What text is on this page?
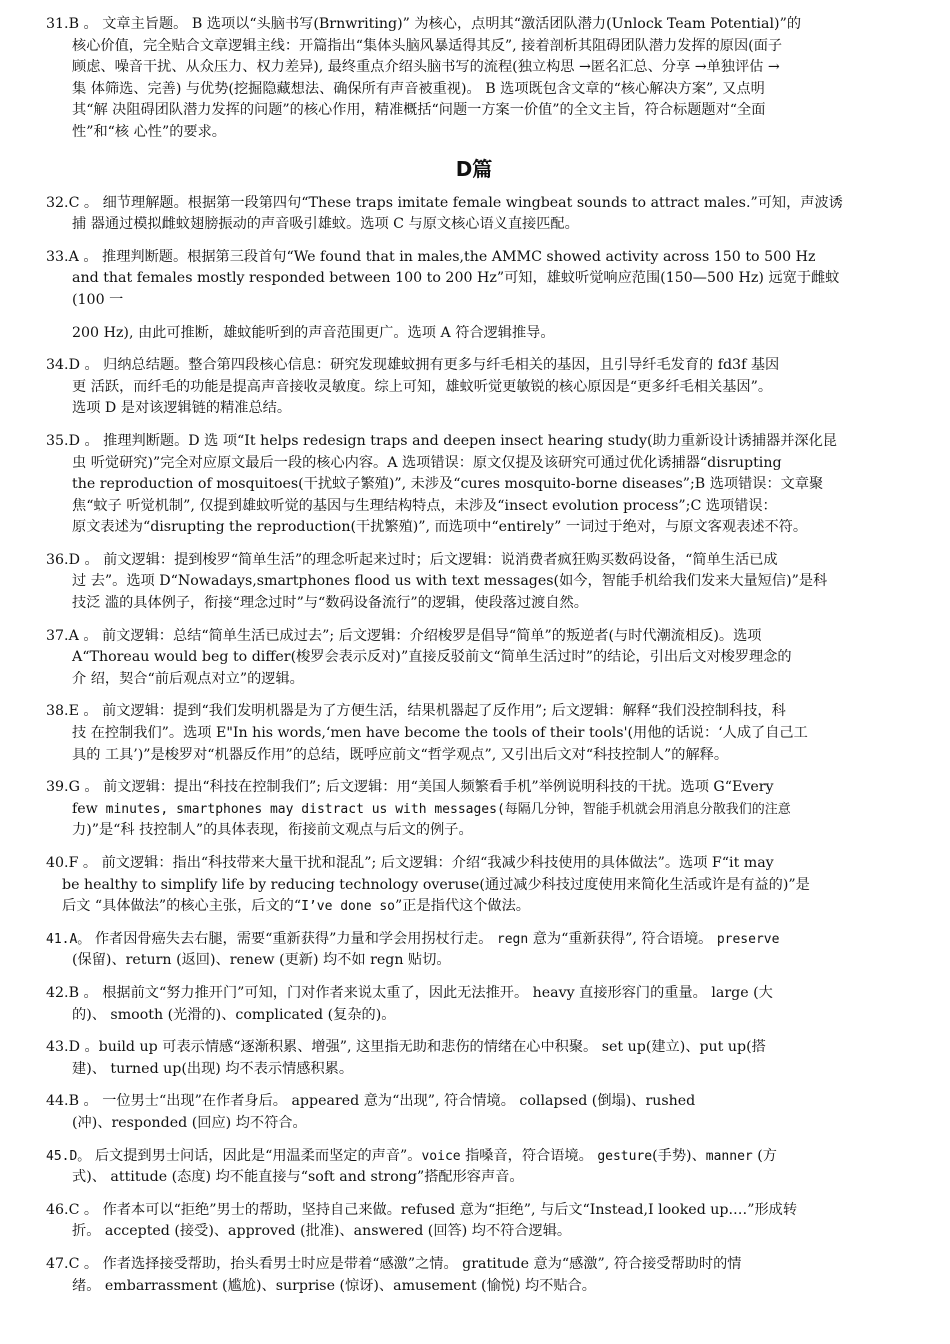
31.B 。 文章主旨题。 B 选项以“头脑书写(Brnwriting)” 为核心，点明其“激活团队潜力(Unlock Team Potential)”的

核心价值，完全贴合文章逻辑主线：开篇指出“集体头脑风暴适得其反”, 接着剖析其阻碍团队潜力发挥的原因(面子

顾虑、噪音干扰、从众压力、权力差异), 最终重点介绍头脑书写的流程(独立构思 →匿名汇总、分享 →单独评估 →

集 体筛选、完善) 与优势(挖掘隐藏想法、确保所有声音被重视)。 B 选项既包含文章的“核心解决方案”, 又点明

其“解 决阻碍团队潜力发挥的问题”的核心作用，精准概括“问题一方案一价值”的全文主旨，符合标题题对“全面

性”和“核 心性”的要求。

D篇

32.C 。 细节理解题。根据第一段第四句“These traps imitate female wingbeat sounds to attract males.”可知，声波诱

捕 器通过模拟雌蚊翅膀振动的声音吸引雄蚊。选项 C 与原文核心语义直接匹配。

33.A 。 推理判断题。根据第三段首句“We found that in males,the AMMC showed activity across 150 to 500 Hz

and that females mostly responded between 100 to 200 Hz”可知，雄蚊听觉响应范围(150—500 Hz) 远宽于雌蚊

(100 一

200 Hz), 由此可推断，雄蚊能听到的声音范围更广。选项 A 符合逻辑推导。

34.D 。 归纳总结题。整合第四段核心信息：研究发现雄蚊拥有更多与纤毛相关的基因，且引导纤毛发育的 fd3f 基因

更 活跃，而纤毛的功能是提高声音接收灵敏度。综上可知，雄蚊听觉更敏锐的核心原因是“更多纤毛相关基因”。

选项 D 是对该逻辑链的精准总结。

35.D 。 推理判断题。D 选 项“It helps redesign traps and deepen insect hearing study(助力重新设计诱捕器并深化昆

虫 听觉研究)”完全对应原文最后一段的核心内容。A 选项错误：原文仅提及该研究可通过优化诱捕器“disrupting

the reproduction of mosquitoes(干扰蚊子繁殖)”, 未涉及“cures mosquito-borne diseases”;B 选项错误：文章聚

焦“蚊子 听觉机制”, 仅提到雄蚊听觉的基因与生理结构特点，未涉及“insect evolution process”;C 选项错误：

原文表述为“disrupting the reproduction(干扰繁殖)”, 而选项中“entirely” 一词过于绝对，与原文客观表述不符。

36.D 。 前文逻辑：提到梭罗“简单生活”的理念听起来过时；后文逻辑：说消费者疯狂购买数码设备，“简单生活已成

过 去”。选项 D“Nowadays,smartphones flood us with text messages(如今，智能手机给我们发来大量短信)”是科

技泛 滥的具体例子，衔接“理念过时”与“数码设备流行”的逻辑，使段落过渡自然。

37.A 。 前文逻辑：总结“简单生活已成过去”; 后文逻辑：介绍梭罗是倡导“简单”的叛逆者(与时代潮流相反)。选项

A“Thoreau would beg to differ(梭罗会表示反对)”直接反驳前文“简单生活过时”的结论，引出后文对梭罗理念的

介 绍，契合“前后观点对立”的逻辑。

38.E 。 前文逻辑：提到“我们发明机器是为了方便生活，结果机器起了反作用”; 后文逻辑：解释“我们没控制科技，科

技 在控制我们”。选项 E"In his words,‘men have become the tools of their tools'(用他的话说：‘人成了自己工

具的 工具’)”是梭罗对“机器反作用”的总结，既呼应前文“哲学观点”, 又引出后文对“科技控制人”的解释。

39.G 。 前文逻辑：提出“科技在控制我们”; 后文逻辑：用“美国人频繁看手机”举例说明科技的干扰。选项 G“Every

few minutes, smartphones may distract us with messages(每隔几分钟，智能手机就会用消息分散我们的注意

力)”是“科 技控制人”的具体表现，衔接前文观点与后文的例子。

40.F 。 前文逻辑：指出“科技带来大量干扰和混乱”; 后文逻辑：介绍“我减少科技使用的具体做法”。选项 F“it may

be healthy to simplify life by reducing technology overuse(通过减少科技过度使用来简化生活或许是有益的)”是

后文 “具体做法”的核心主张，后文的“I’ve done so”正是指代这个做法。

41.A。 作者因骨癌失去右腿，需要“重新获得”力量和学会用拐杖行走。 regn 意为“重新获得”, 符合语境。 preserve

(保留)、return (返回)、renew (更新) 均不如 regn 贴切。

42.B 。 根据前文“努力推开门”可知，门对作者来说太重了，因此无法推开。 heavy 直接形容门的重量。 large (大

的)、 smooth (光滑的)、complicated (复杂的)。

43.D 。build up 可表示情感“逐渐积累、增强”, 这里指无助和悲伤的情绪在心中积聚。 set up(建立)、put up(搭

建)、 turned up(出现) 均不表示情感积累。

44.B 。 一位男士“出现”在作者身后。 appeared 意为“出现”, 符合情境。 collapsed (倒塌)、rushed

(冲)、responded (回应) 均不符合。

45.D。 后文提到男士问话，因此是“用温柔而坚定的声音”。voice 指嗓音，符合语境。 gesture(手势)、manner (方

式)、 attitude (态度) 均不能直接与“soft and strong”搭配形容声音。

46.C 。 作者本可以“拒绝”男士的帮助，坚持自己来做。refused 意为“拒绝”, 与后文“Instead,I looked up.…”形成转

折。 accepted (接受)、approved (批准)、answered (回答) 均不符合逻辑。

47.C 。 作者选择接受帮助，抬头看男士时应是带着“感激”之情。 gratitude 意为“感激”, 符合接受帮助时的情

绪。 embarrassment (尴尬)、surprise (惊讶)、amusement (愉悦) 均不贴合。
